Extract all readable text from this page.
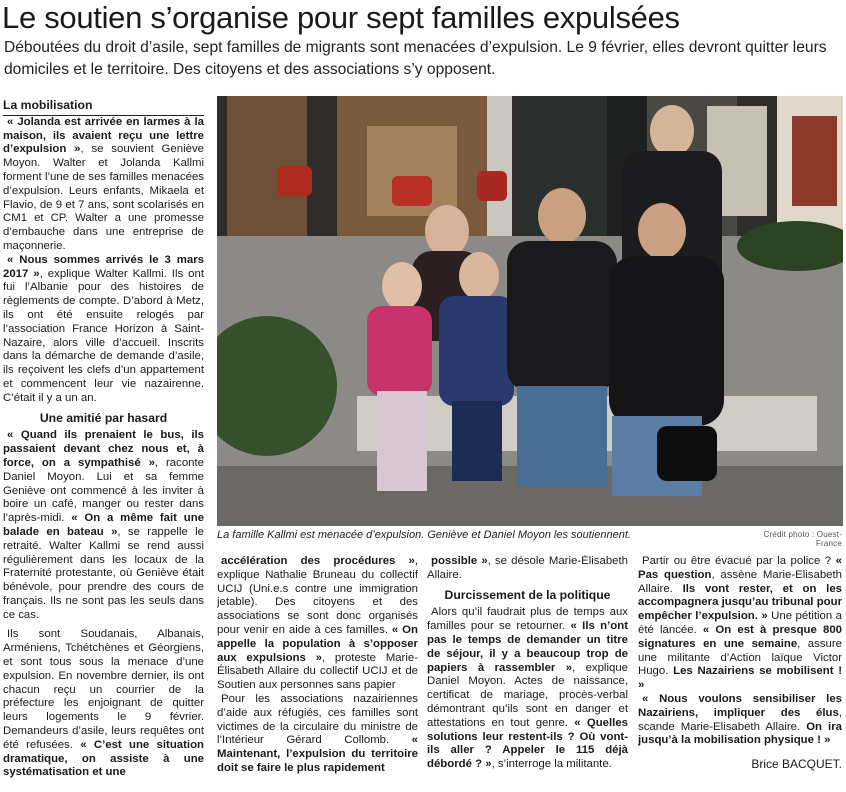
Le soutien s’organise pour sept familles expulsées
Déboutées du droit d’asile, sept familles de migrants sont menacées d’expulsion. Le 9 février, elles devront quitter leurs domiciles et le territoire. Des citoyens et des associations s’y opposent.

La mobilisation

« Jolanda est arrivée en larmes à la maison, ils avaient reçu une lettre d’expulsion », se souvient Geniève Moyon. Walter et Jolanda Kallmi forment l’une de ses familles menacées d’expulsion. Leurs enfants, Mikaela et Flavio, de 9 et 7 ans, sont scolarisés en CM1 et CP. Walter a une promesse d’embauche dans une entreprise de maçonnerie.

« Nous sommes arrivés le 3 mars 2017 », explique Walter Kallmi. Ils ont fui l’Albanie pour des histoires de règlements de compte. D’abord à Metz, ils ont été ensuite relogés par l’association France Horizon à Saint-Nazaire, alors ville d’accueil. Inscrits dans la démarche de demande d’asile, ils reçoivent les clefs d’un appartement et commencent leur vie nazairenne. C’était il y a un an.

Une amitié par hasard

« Quand ils prenaient le bus, ils passaient devant chez nous et, à force, on a sympathisé », raconte Daniel Moyon. Lui et sa femme Geniève ont commencé à les inviter à boire un café, manger ou rester dans l’après-midi. « On a même fait une balade en bateau », se rappelle le retraité. Walter Kallmi se rend aussi régulièrement dans les locaux de la Fraternité protestante, où Geniève était bénévole, pour prendre des cours de français. Ils ne sont pas les seuls dans ce cas.

Ils sont Soudanais, Albanais, Arméniens, Tchétchènes et Géorgiens, et sont tous sous la menace d’une expulsion. En novembre dernier, ils ont chacun reçu un courrier de la préfecture les enjoignant de quitter leurs logements le 9 février. Demandeurs d’asile, leurs requêtes ont été refusées. « C’est une situation dramatique, on assiste à une systématisation et une

La famille Kallmi est menacée d’expulsion. Geniève et Daniel Moyon les soutiennent.	Crédit photo : Ouest-France

accélération des procédures », explique Nathalie Bruneau du collectif UCIJ (Uni.e.s contre une immigration jetable). Des citoyens et des associations se sont donc organisés pour venir en aide à ces familles. « On appelle la population à s’opposer aux expulsions », proteste Marie-Élisabeth Allaire du collectif UCIJ et de Soutien aux personnes sans papier

Pour les associations nazairiennes d’aide aux réfugiés, ces familles sont victimes de la circulaire du ministre de l’Intérieur Gérard Collomb. « Maintenant, l’expulsion du territoire doit se faire le plus rapidement

possible », se désole Marie-Élisabeth Allaire.

Durcissement de la politique

Alors qu’il faudrait plus de temps aux familles pour se retourner. « Ils n’ont pas le temps de demander un titre de séjour, il y a beaucoup trop de papiers à rassembler », explique Daniel Moyon. Actes de naissance, certificat de mariage, procès-verbal démontrant qu’ils sont en danger et attestations en tout genre. « Quelles solutions leur restent-ils ? Où vont-ils aller ? Appeler le 115 déjà débordé ? », s’interroge la militante.

Partir ou être évacué par la police ? « Pas question, assène Marie-Elisabeth Allaire. Ils vont rester, et on les accompagnera jusqu’au tribunal pour empêcher l’expulsion. » Une pétition a été lancée. « On est à presque 800 signatures en une semaine, assure une militante d’Action laïque Victor Hugo. Les Nazairiens se mobilisent ! »

« Nous voulons sensibiliser les Nazairiens, impliquer des élus, scande Marie-Elisabeth Allaire. On ira jusqu’à la mobilisation physique ! »

Brice BACQUET.
